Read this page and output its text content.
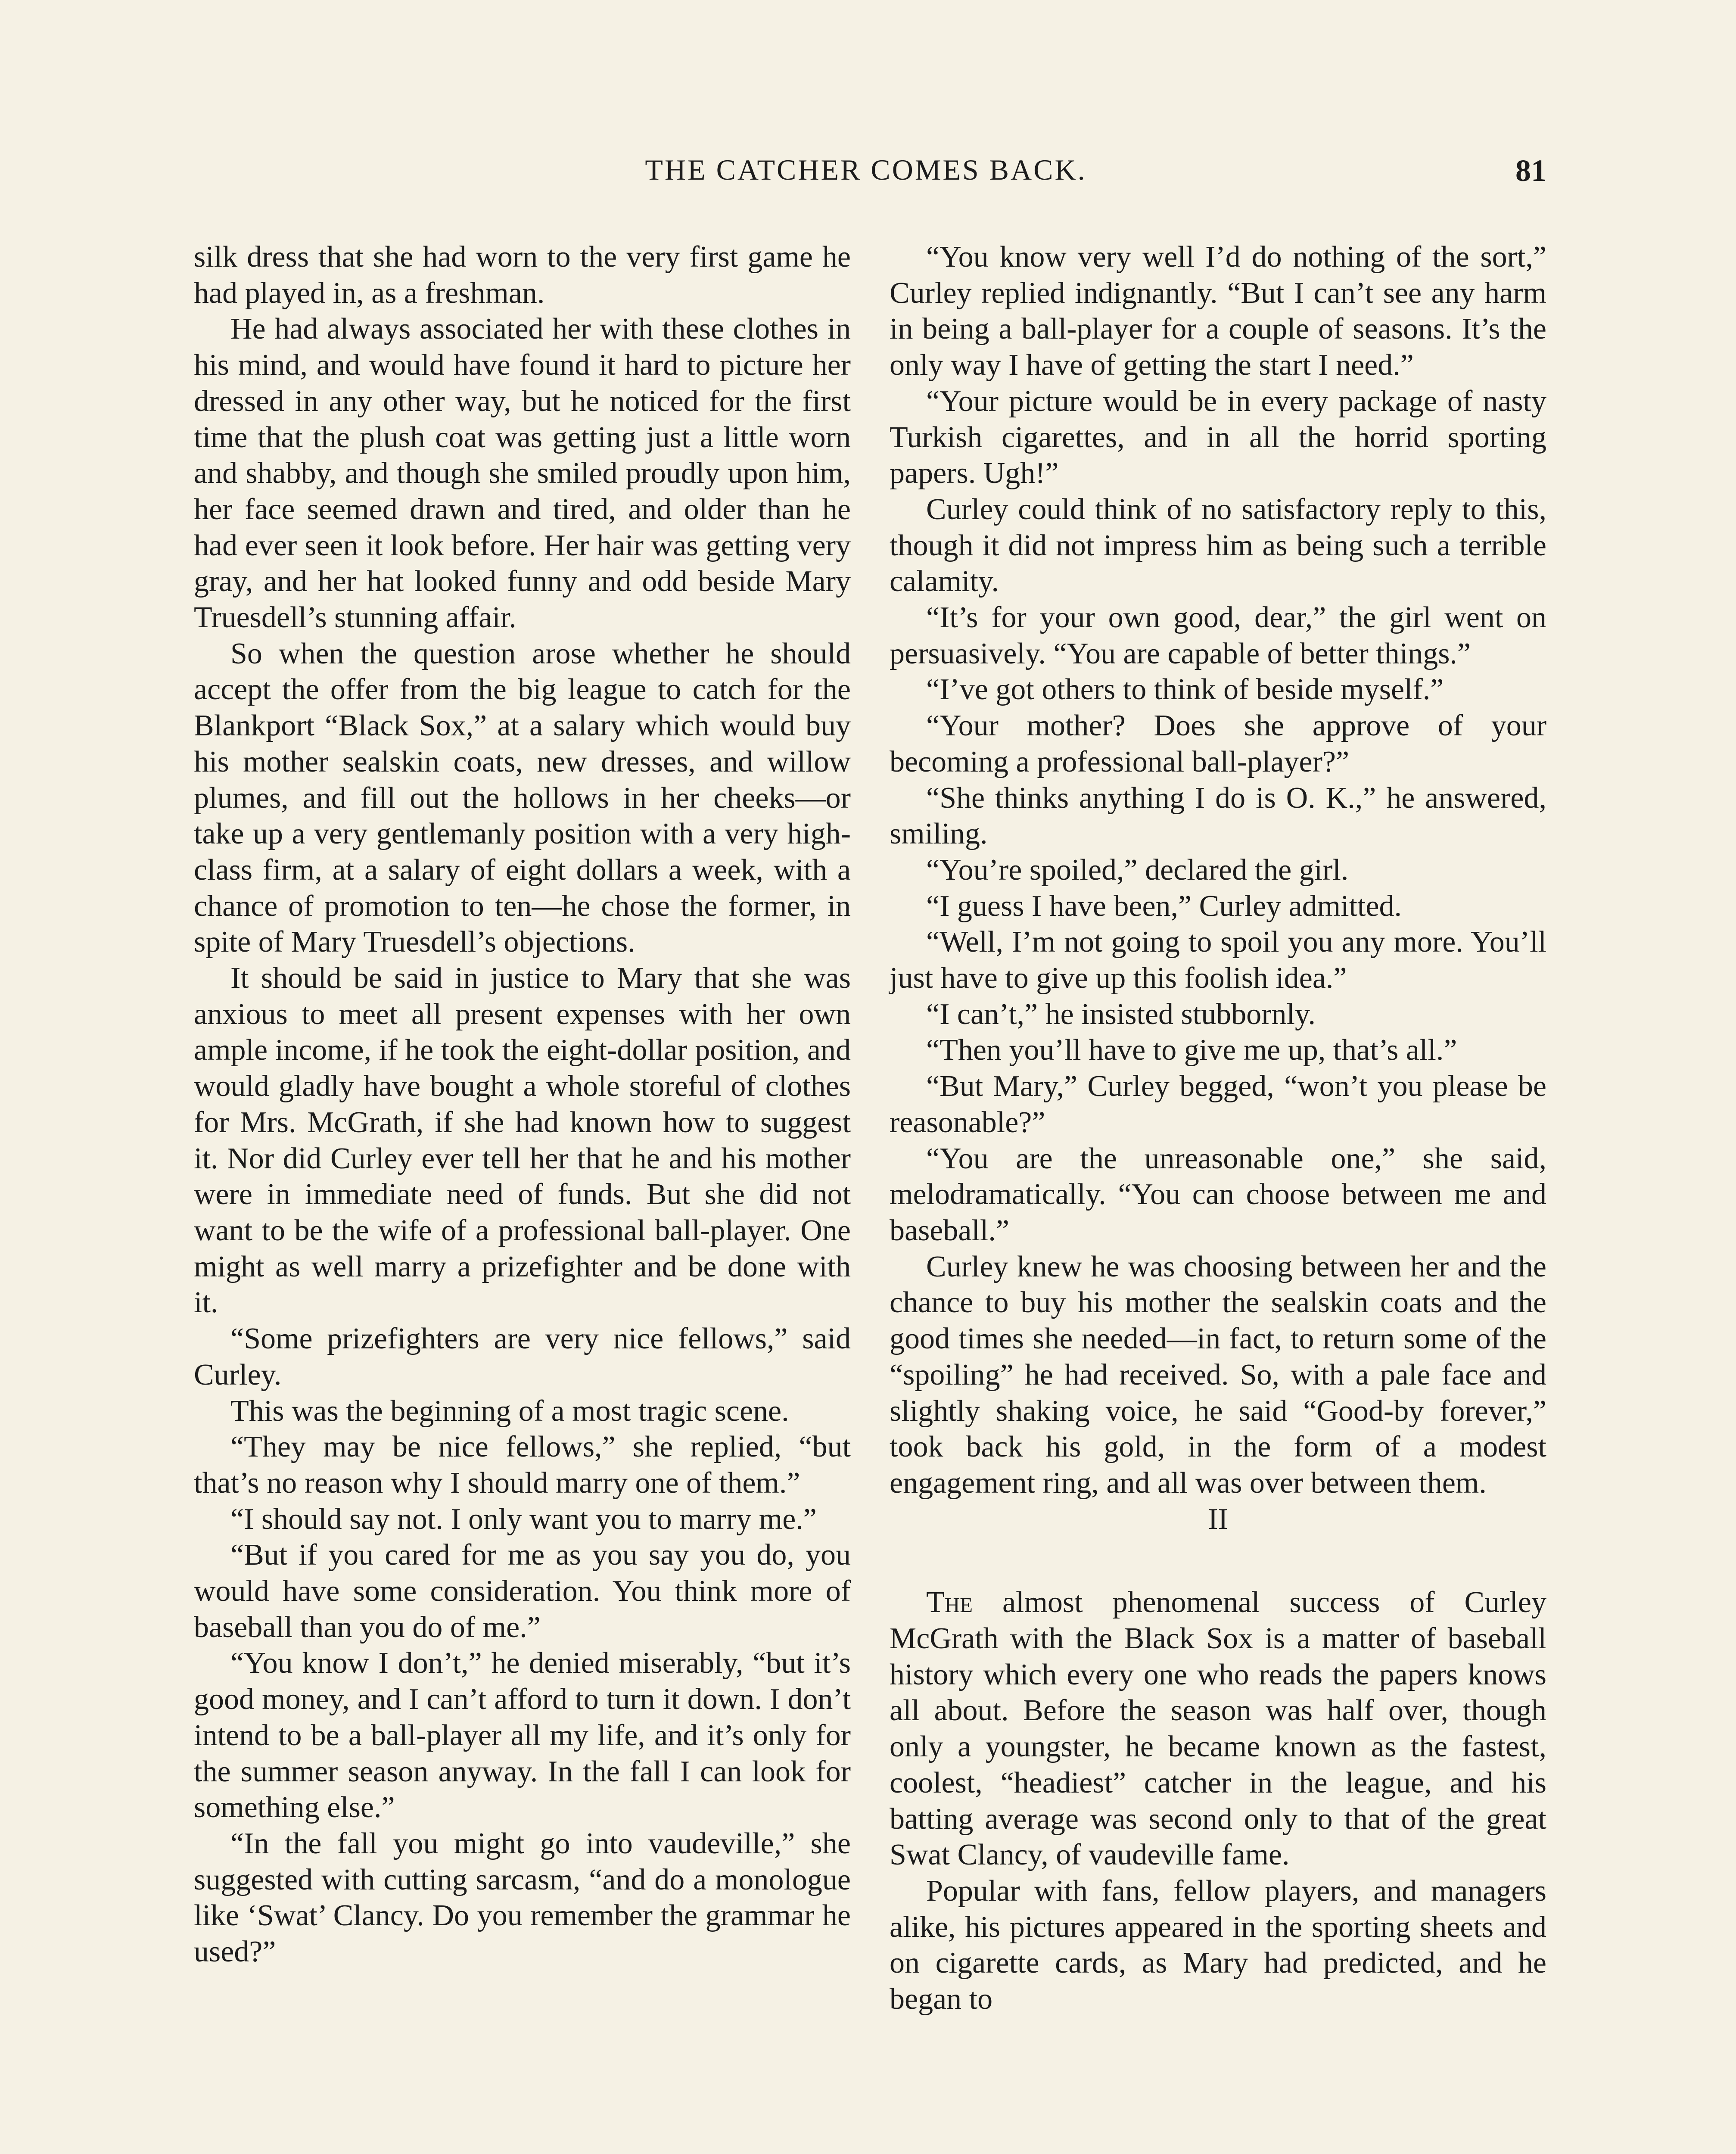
THE CATCHER COMES BACK.	81

silk dress that she had worn to the very first game he had played in, as a freshman.

He had always associated her with these clothes in his mind, and would have found it hard to picture her dressed in any other way, but he noticed for the first time that the plush coat was getting just a little worn and shabby, and though she smiled proudly upon him, her face seemed drawn and tired, and older than he had ever seen it look before. Her hair was getting very gray, and her hat looked funny and odd beside Mary Truesdell’s stunning affair.

So when the question arose whether he should accept the offer from the big league to catch for the Blankport “Black Sox,” at a salary which would buy his mother sealskin coats, new dresses, and willow plumes, and fill out the hollows in her cheeks—or take up a very gentlemanly position with a very high-class firm, at a salary of eight dollars a week, with a chance of promotion to ten—he chose the former, in spite of Mary Truesdell’s objections.

It should be said in justice to Mary that she was anxious to meet all present expenses with her own ample income, if he took the eight-dollar position, and would gladly have bought a whole storeful of clothes for Mrs. McGrath, if she had known how to suggest it. Nor did Curley ever tell her that he and his mother were in immediate need of funds. But she did not want to be the wife of a professional ball-player. One might as well marry a prizefighter and be done with it.

“Some prizefighters are very nice fellows,” said Curley.

This was the beginning of a most tragic scene.

“They may be nice fellows,” she replied, “but that’s no reason why I should marry one of them.”

“I should say not. I only want you to marry me.”

“But if you cared for me as you say you do, you would have some consideration. You think more of baseball than you do of me.”

“You know I don’t,” he denied miserably, “but it’s good money, and I can’t afford to turn it down. I don’t intend to be a ball-player all my life, and it’s only for the summer season anyway. In the fall I can look for something else.”

“In the fall you might go into vaudeville,” she suggested with cutting sarcasm, “and do a monologue like ‘Swat’ Clancy. Do you remember the grammar he used?”

“You know very well I’d do nothing of the sort,” Curley replied indignantly. “But I can’t see any harm in being a ball-player for a couple of seasons. It’s the only way I have of getting the start I need.”

“Your picture would be in every package of nasty Turkish cigarettes, and in all the horrid sporting papers. Ugh!”

Curley could think of no satisfactory reply to this, though it did not impress him as being such a terrible calamity.

“It’s for your own good, dear,” the girl went on persuasively. “You are capable of better things.”

“I’ve got others to think of beside myself.”

“Your mother? Does she approve of your becoming a professional ball-player?”

“She thinks anything I do is O. K.,” he answered, smiling.

“You’re spoiled,” declared the girl.

“I guess I have been,” Curley admitted.

“Well, I’m not going to spoil you any more. You’ll just have to give up this foolish idea.”

“I can’t,” he insisted stubbornly.

“Then you’ll have to give me up, that’s all.”

“But Mary,” Curley begged, “won’t you please be reasonable?”

“You are the unreasonable one,” she said, melodramatically. “You can choose between me and baseball.”

Curley knew he was choosing between her and the chance to buy his mother the sealskin coats and the good times she needed—in fact, to return some of the “spoiling” he had received. So, with a pale face and slightly shaking voice, he said “Good-by forever,” took back his gold, in the form of a modest engagement ring, and all was over between them.

II

The almost phenomenal success of Curley McGrath with the Black Sox is a matter of baseball history which every one who reads the papers knows all about. Before the season was half over, though only a youngster, he became known as the fastest, coolest, “headiest” catcher in the league, and his batting average was second only to that of the great Swat Clancy, of vaudeville fame.

Popular with fans, fellow players, and managers alike, his pictures appeared in the sporting sheets and on cigarette cards, as Mary had predicted, and he began to
